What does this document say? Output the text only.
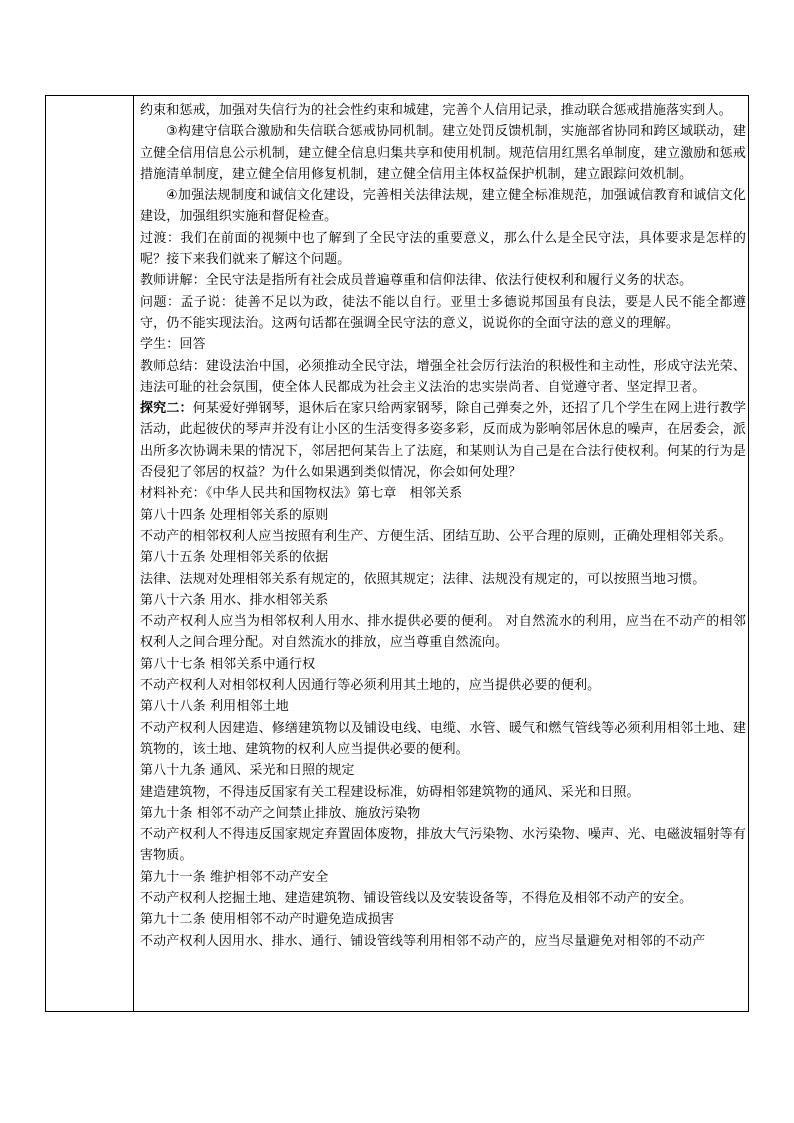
约束和惩戒，加强对失信行为的社会性约束和城建，完善个人信用记录，推动联合惩戒措施落实到人。

③构建守信联合激励和失信联合惩戒协同机制。建立处罚反馈机制，实施部省协同和跨区域联动，建立健全信用信息公示机制，建立健全信息归集共享和使用机制。规范信用红黑名单制度，建立激励和惩戒措施清单制度，建立健全信用修复机制，建立健全信用主体权益保护机制，建立跟踪问效机制。

④加强法规制度和诚信文化建设，完善相关法律法规，建立健全标准规范，加强诚信教育和诚信文化建设，加强组织实施和督促检查。

过渡：我们在前面的视频中也了解到了全民守法的重要意义，那么什么是全民守法，具体要求是怎样的呢？接下来我们就来了解这个问题。

教师讲解：全民守法是指所有社会成员普遍尊重和信仰法律、依法行使权利和履行义务的状态。

问题：孟子说：徒善不足以为政，徒法不能以自行。亚里士多德说邦国虽有良法，要是人民不能全都遵守，仍不能实现法治。这两句话都在强调全民守法的意义，说说你的全面守法的意义的理解。

学生：回答

教师总结：建设法治中国，必须推动全民守法，增强全社会厉行法治的积极性和主动性，形成守法光荣、违法可耻的社会氛围，使全体人民都成为社会主义法治的忠实崇尚者、自觉遵守者、坚定捍卫者。

探究二：何某爱好弹钢琴，退休后在家只给两家钢琴，除自己弹奏之外，还招了几个学生在网上进行教学活动，此起彼伏的琴声并没有让小区的生活变得多姿多彩，反而成为影响邻居休息的噪声，在居委会，派出所多次协调未果的情况下，邻居把何某告上了法庭，和某则认为自己是在合法行使权利。何某的行为是否侵犯了邻居的权益？为什么如果遇到类似情况，你会如何处理？

材料补充：《中华人民共和国物权法》第七章　相邻关系

第八十四条 处理相邻关系的原则

不动产的相邻权利人应当按照有利生产、方便生活、团结互助、公平合理的原则，正确处理相邻关系。

第八十五条 处理相邻关系的依据

法律、法规对处理相邻关系有规定的，依照其规定；法律、法规没有规定的，可以按照当地习惯。

第八十六条 用水、排水相邻关系

不动产权利人应当为相邻权利人用水、排水提供必要的便利。 对自然流水的利用，应当在不动产的相邻权利人之间合理分配。对自然流水的排放，应当尊重自然流向。

第八十七条 相邻关系中通行权

不动产权利人对相邻权利人因通行等必须利用其土地的，应当提供必要的便利。

第八十八条 利用相邻土地

不动产权利人因建造、修缮建筑物以及铺设电线、电缆、水管、暖气和燃气管线等必须利用相邻土地、建筑物的，该土地、建筑物的权利人应当提供必要的便利。

第八十九条 通风、采光和日照的规定

建造建筑物，不得违反国家有关工程建设标准，妨碍相邻建筑物的通风、采光和日照。

第九十条 相邻不动产之间禁止排放、施放污染物

不动产权利人不得违反国家规定弃置固体废物，排放大气污染物、水污染物、噪声、光、电磁波辐射等有害物质。

第九十一条 维护相邻不动产安全

不动产权利人挖掘土地、建造建筑物、铺设管线以及安装设备等，不得危及相邻不动产的安全。

第九十二条 使用相邻不动产时避免造成损害

不动产权利人因用水、排水、通行、铺设管线等利用相邻不动产的，应当尽量避免对相邻的不动产
